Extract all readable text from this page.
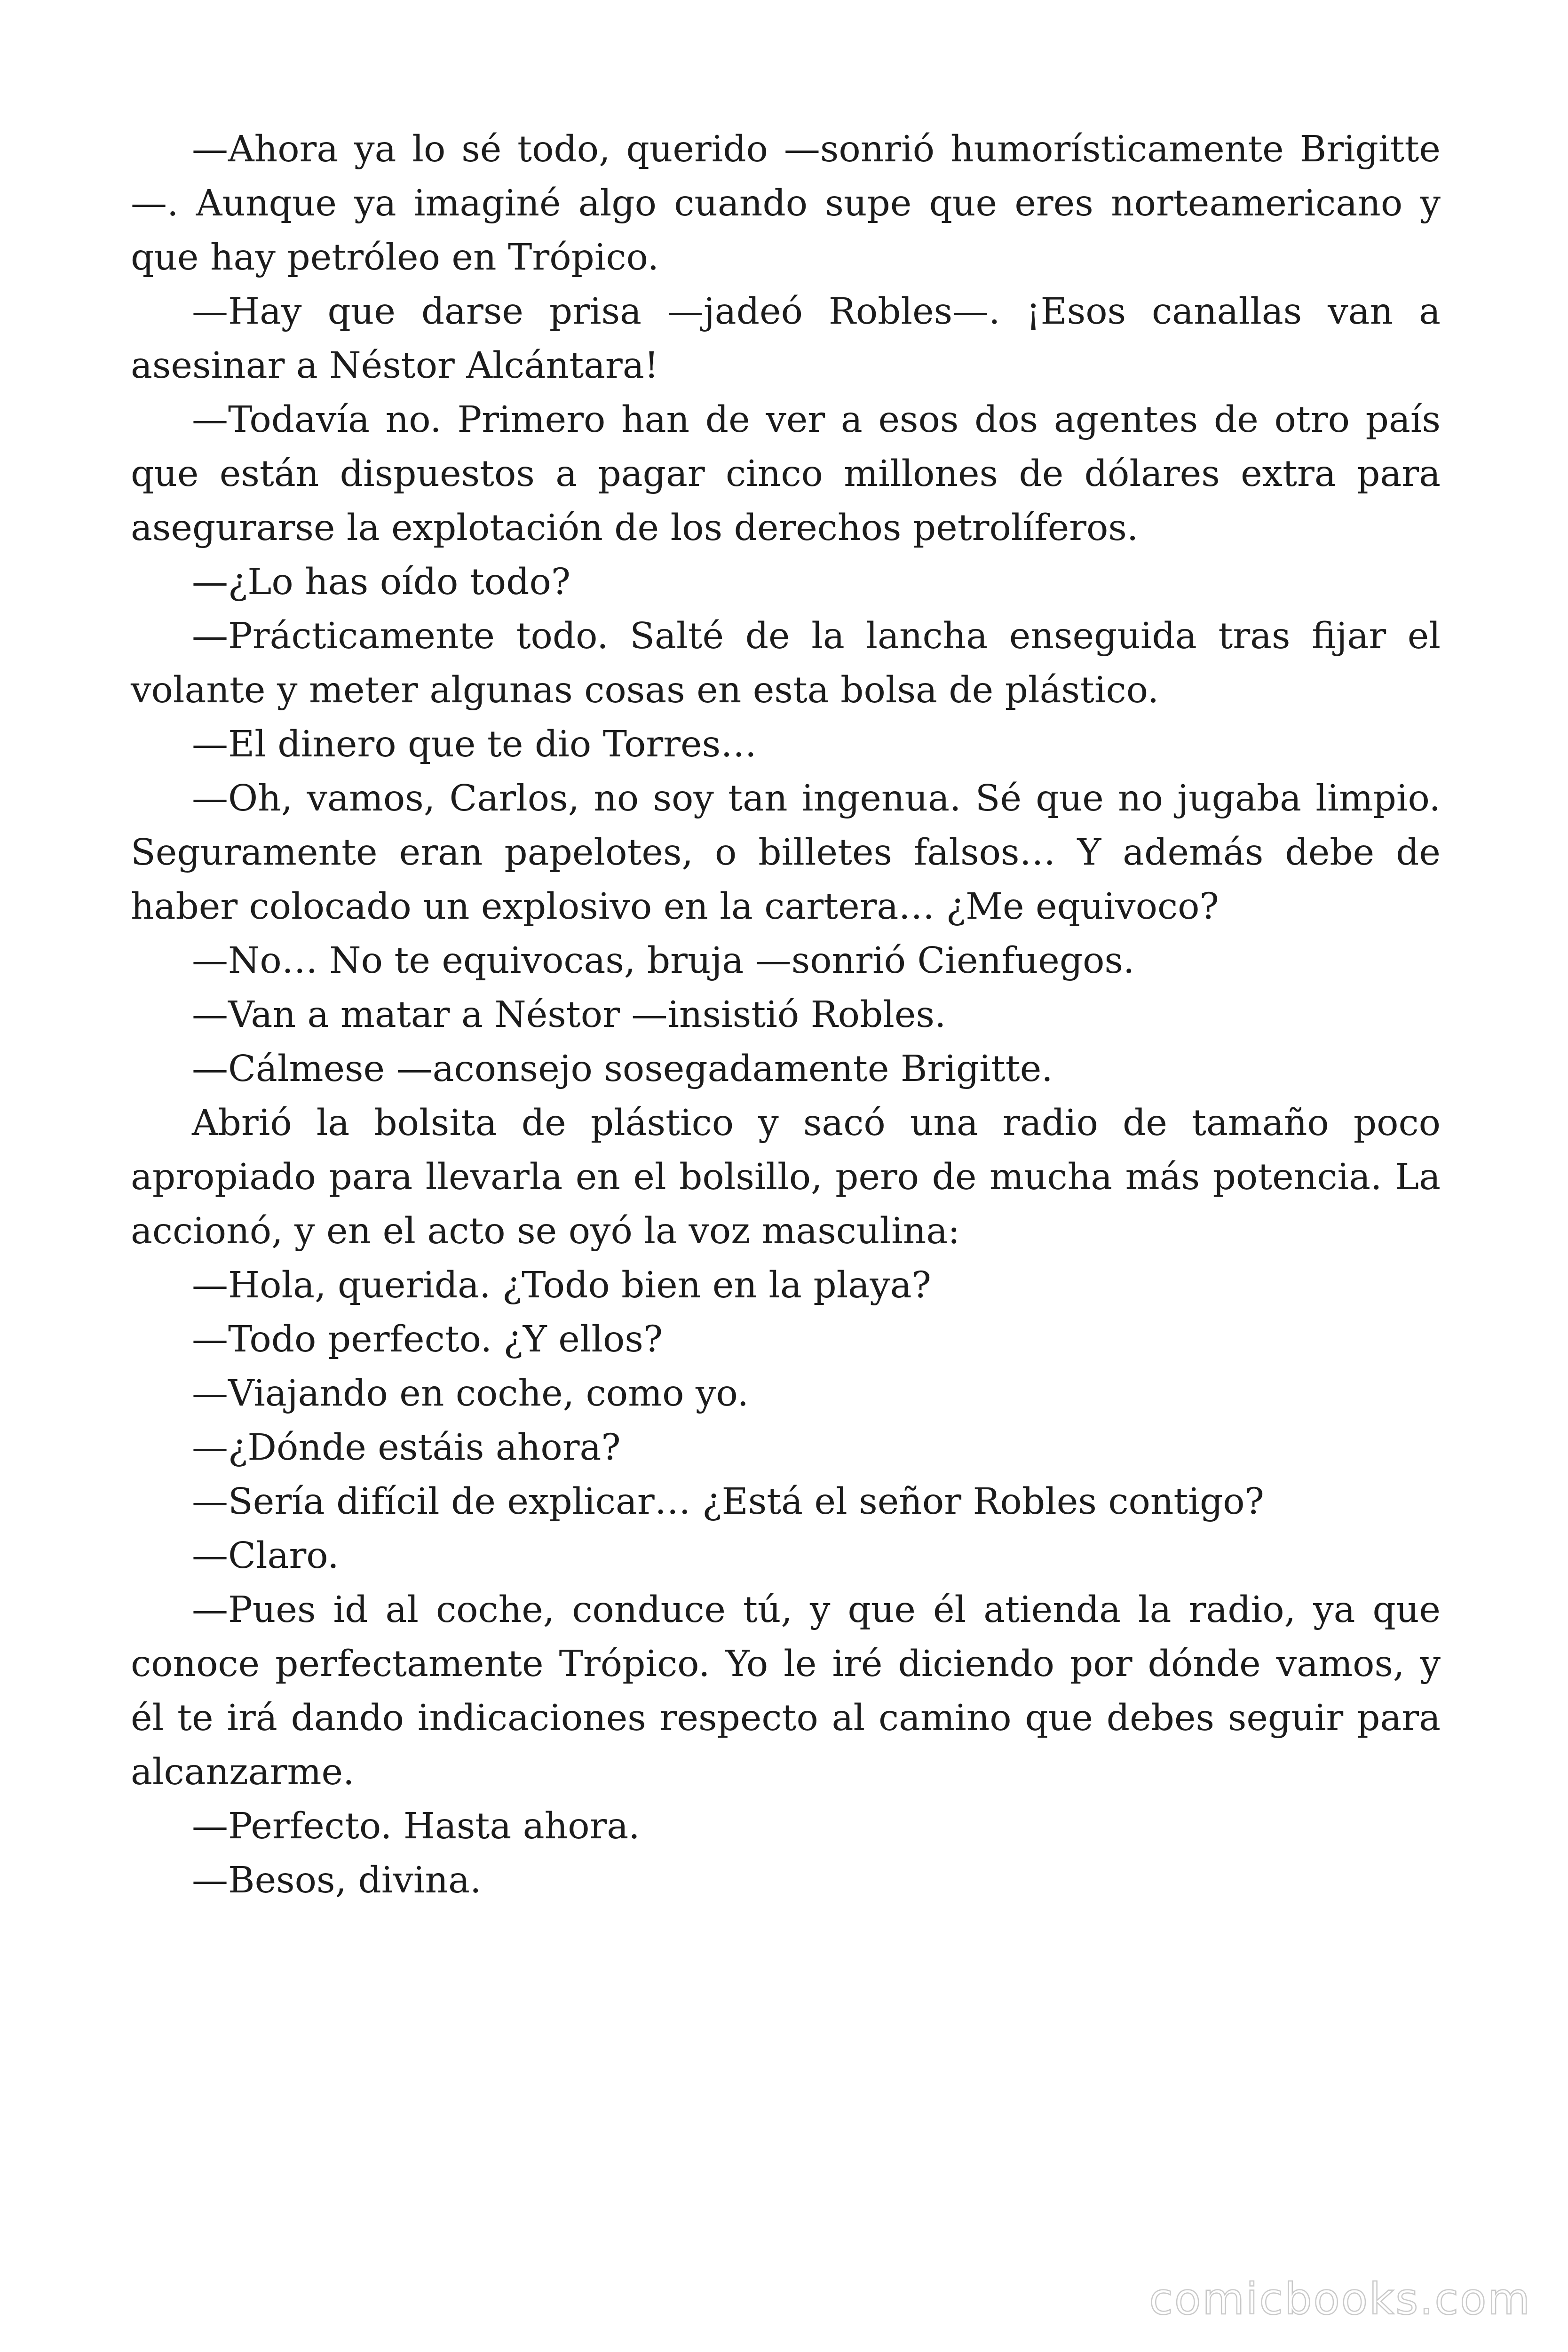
—Ahora ya lo sé todo, querido —sonrió humorísticamente Brigitte—. Aunque ya imaginé algo cuando supe que eres norteamericano y que hay petróleo en Trópico.

—Hay que darse prisa —jadeó Robles—. ¡Esos canallas van a asesinar a Néstor Alcántara!

—Todavía no. Primero han de ver a esos dos agentes de otro país que están dispuestos a pagar cinco millones de dólares extra para asegurarse la explotación de los derechos petrolíferos.

—¿Lo has oído todo?

—Prácticamente todo. Salté de la lancha enseguida tras fijar el volante y meter algunas cosas en esta bolsa de plástico.

—El dinero que te dio Torres…

—Oh, vamos, Carlos, no soy tan ingenua. Sé que no jugaba limpio. Seguramente eran papelotes, o billetes falsos… Y además debe de haber colocado un explosivo en la cartera… ¿Me equivoco?

—No… No te equivocas, bruja —sonrió Cienfuegos.

—Van a matar a Néstor —insistió Robles.

—Cálmese —aconsejo sosegadamente Brigitte.

Abrió la bolsita de plástico y sacó una radio de tamaño poco apropiado para llevarla en el bolsillo, pero de mucha más potencia. La accionó, y en el acto se oyó la voz masculina:

—Hola, querida. ¿Todo bien en la playa?

—Todo perfecto. ¿Y ellos?

—Viajando en coche, como yo.

—¿Dónde estáis ahora?

—Sería difícil de explicar… ¿Está el señor Robles contigo?

—Claro.

—Pues id al coche, conduce tú, y que él atienda la radio, ya que conoce perfectamente Trópico. Yo le iré diciendo por dónde vamos, y él te irá dando indicaciones respecto al camino que debes seguir para alcanzarme.

—Perfecto. Hasta ahora.

—Besos, divina.

comicbooks.com
